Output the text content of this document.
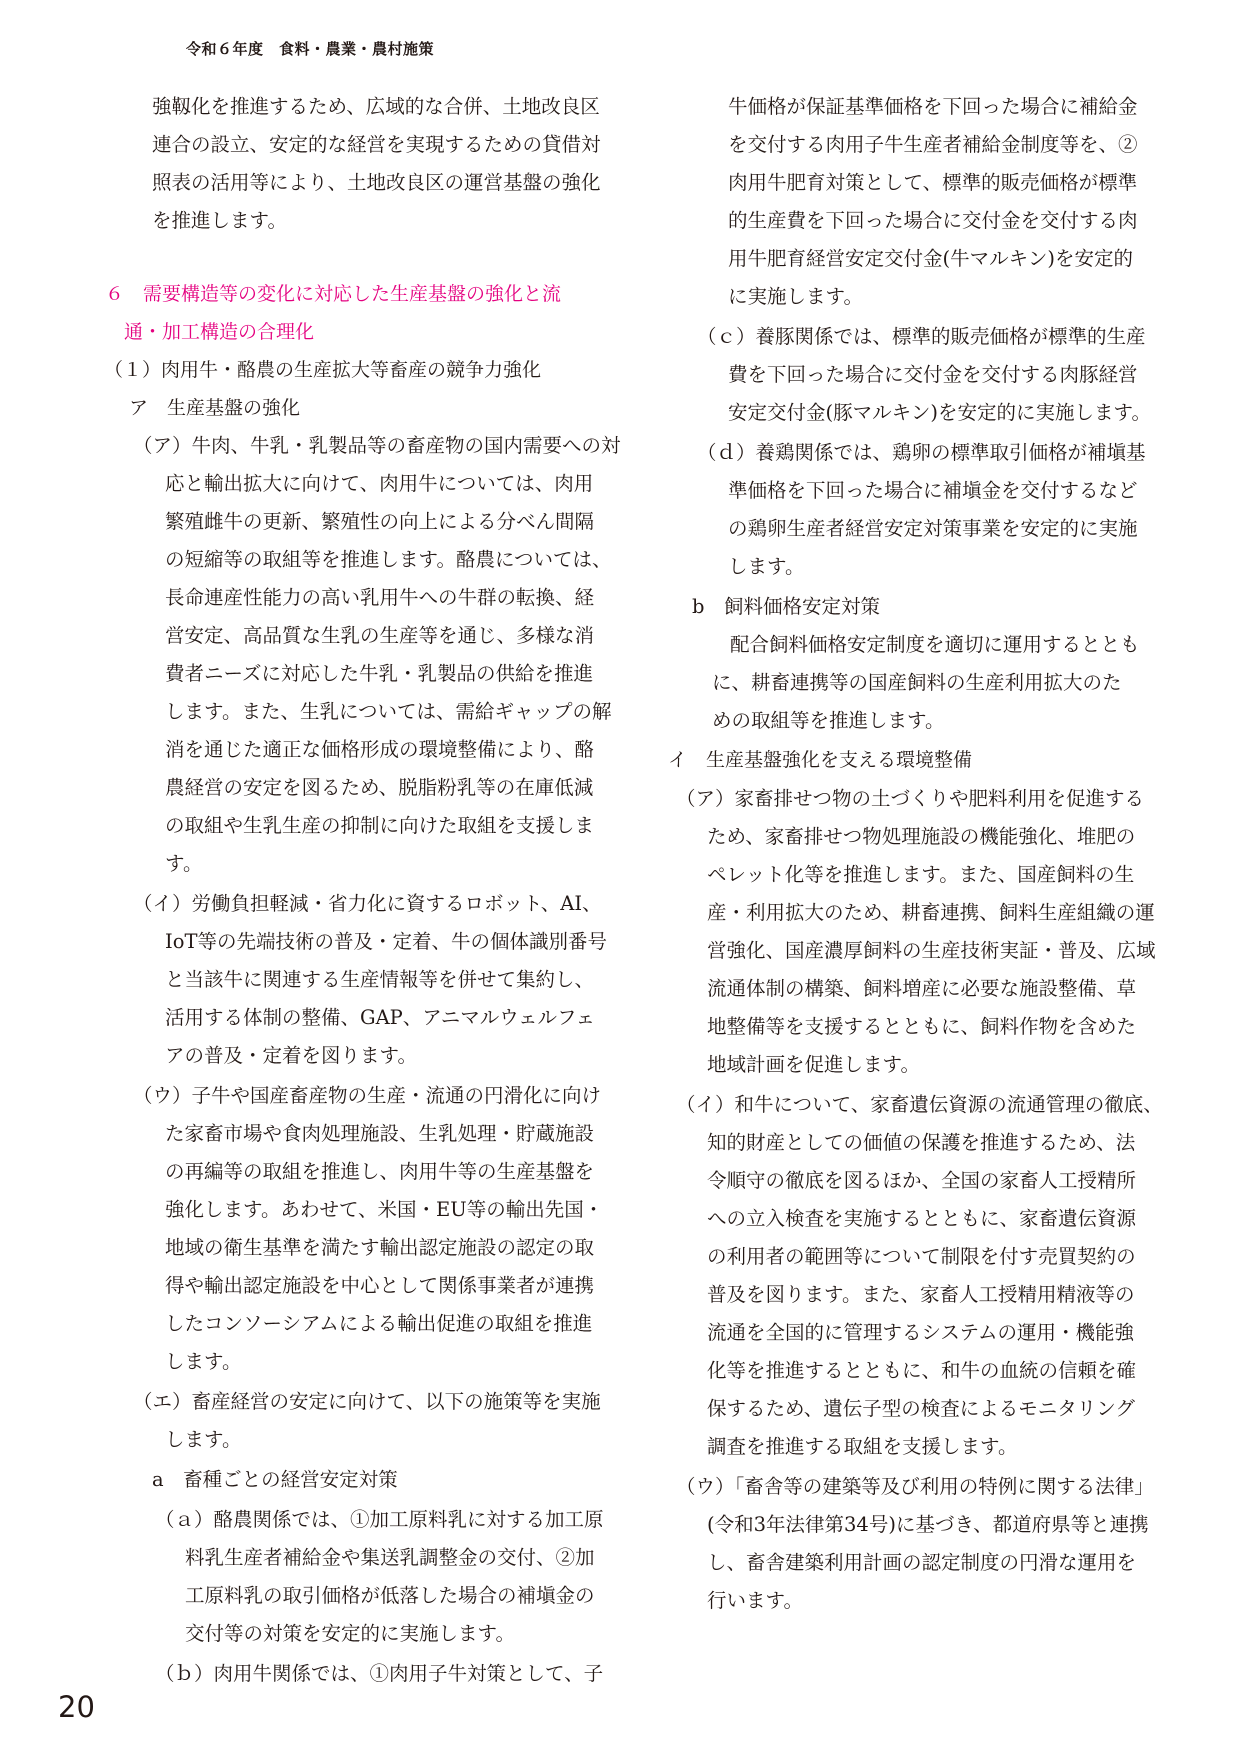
令和６年度　食料・農業・農村施策
強靱化を推進するため、広域的な合併、土地改良区
連合の設立、安定的な経営を実現するための貸借対
照表の活用等により、土地改良区の運営基盤の強化
を推進します。
６　需要構造等の変化に対応した生産基盤の強化と流
通・加工構造の合理化
（１）肉用牛・酪農の生産拡大等畜産の競争力強化
ア　生産基盤の強化
（ア）牛肉、牛乳・乳製品等の畜産物の国内需要への対
応と輸出拡大に向けて、肉用牛については、肉用
繁殖雌牛の更新、繁殖性の向上による分べん間隔
の短縮等の取組等を推進します。酪農については、
長命連産性能力の高い乳用牛への牛群の転換、経
営安定、高品質な生乳の生産等を通じ、多様な消
費者ニーズに対応した牛乳・乳製品の供給を推進
します。また、生乳については、需給ギャップの解
消を通じた適正な価格形成の環境整備により、酪
農経営の安定を図るため、脱脂粉乳等の在庫低減
の取組や生乳生産の抑制に向けた取組を支援しま
す。
（イ）労働負担軽減・省力化に資するロボット、AI、
IoT等の先端技術の普及・定着、牛の個体識別番号
と当該牛に関連する生産情報等を併せて集約し、
活用する体制の整備、GAP、アニマルウェルフェ
アの普及・定着を図ります。
（ウ）子牛や国産畜産物の生産・流通の円滑化に向け
た家畜市場や食肉処理施設、生乳処理・貯蔵施設
の再編等の取組を推進し、肉用牛等の生産基盤を
強化します。あわせて、米国・EU等の輸出先国・
地域の衛生基準を満たす輸出認定施設の認定の取
得や輸出認定施設を中心として関係事業者が連携
したコンソーシアムによる輸出促進の取組を推進
します。
（エ）畜産経営の安定に向けて、以下の施策等を実施
します。
a　畜種ごとの経営安定対策
（ａ）酪農関係では、①加工原料乳に対する加工原
料乳生産者補給金や集送乳調整金の交付、②加
工原料乳の取引価格が低落した場合の補塡金の
交付等の対策を安定的に実施します。
（ｂ）肉用牛関係では、①肉用子牛対策として、子
牛価格が保証基準価格を下回った場合に補給金
を交付する肉用子牛生産者補給金制度等を、②
肉用牛肥育対策として、標準的販売価格が標準
的生産費を下回った場合に交付金を交付する肉
用牛肥育経営安定交付金(牛マルキン)を安定的
に実施します。
（ｃ）養豚関係では、標準的販売価格が標準的生産
費を下回った場合に交付金を交付する肉豚経営
安定交付金(豚マルキン)を安定的に実施します。
（ｄ）養鶏関係では、鶏卵の標準取引価格が補塡基
準価格を下回った場合に補塡金を交付するなど
の鶏卵生産者経営安定対策事業を安定的に実施
します。
b　飼料価格安定対策
配合飼料価格安定制度を適切に運用するととも
に、耕畜連携等の国産飼料の生産利用拡大のた
めの取組等を推進します。
イ　生産基盤強化を支える環境整備
（ア）家畜排せつ物の土づくりや肥料利用を促進する
ため、家畜排せつ物処理施設の機能強化、堆肥の
ペレット化等を推進します。また、国産飼料の生
産・利用拡大のため、耕畜連携、飼料生産組織の運
営強化、国産濃厚飼料の生産技術実証・普及、広域
流通体制の構築、飼料増産に必要な施設整備、草
地整備等を支援するとともに、飼料作物を含めた
地域計画を促進します。
（イ）和牛について、家畜遺伝資源の流通管理の徹底、
知的財産としての価値の保護を推進するため、法
令順守の徹底を図るほか、全国の家畜人工授精所
への立入検査を実施するとともに、家畜遺伝資源
の利用者の範囲等について制限を付す売買契約の
普及を図ります。また、家畜人工授精用精液等の
流通を全国的に管理するシステムの運用・機能強
化等を推進するとともに、和牛の血統の信頼を確
保するため、遺伝子型の検査によるモニタリング
調査を推進する取組を支援します。
（ウ）「畜舎等の建築等及び利用の特例に関する法律」
(令和3年法律第34号)に基づき、都道府県等と連携
し、畜舎建築利用計画の認定制度の円滑な運用を
行います。
20
